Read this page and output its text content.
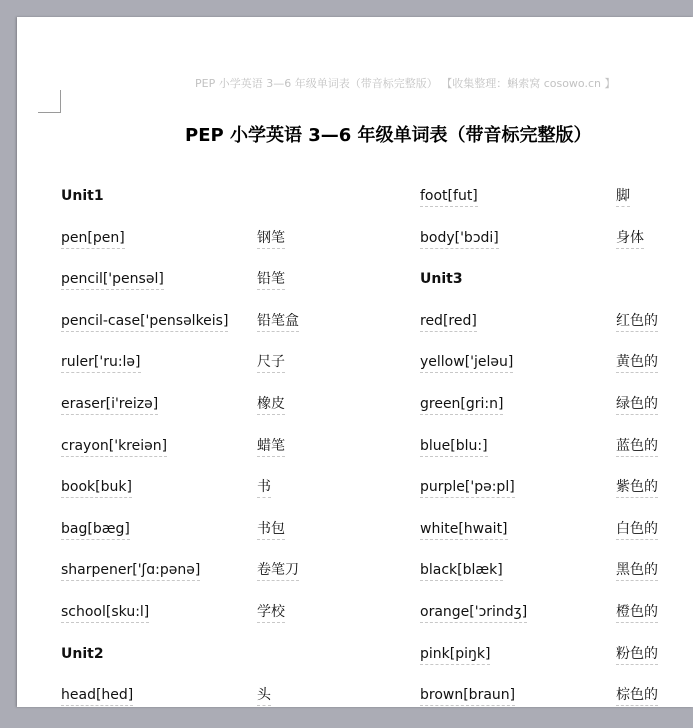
PEP 小学英语 3—6 年级单词表（带音标完整版） 【收集整理：蝌索窝 cosowo.cn 】
PEP 小学英语 3—6 年级单词表（带音标完整版）
Unit1
pen[pen]	钢笔
pencil['pensəl]	铅笔
pencil-case['pensəlkeis] 铅笔盒
ruler['ru:lə]	尺子
eraser[i'reizə]	橡皮
crayon['kreiən]	蜡笔
book[buk]	书
bag[bæg]	书包
sharpener['ʃɑ:pənə]	卷笔刀
school[sku:l]	学校
Unit2
head[hed]	头
foot[fut]	脚
body['bɔdi]	身体
Unit3
red[red]	红色的
yellow['jeləu]	黄色的
green[gri:n]	绿色的
blue[blu:]	蓝色的
purple['pə:pl]	紫色的
white[hwait]	白色的
black[blæk]	黑色的
orange['ɔrindʒ]	橙色的
pink[piŋk]	粉色的
brown[braun]	棕色的
